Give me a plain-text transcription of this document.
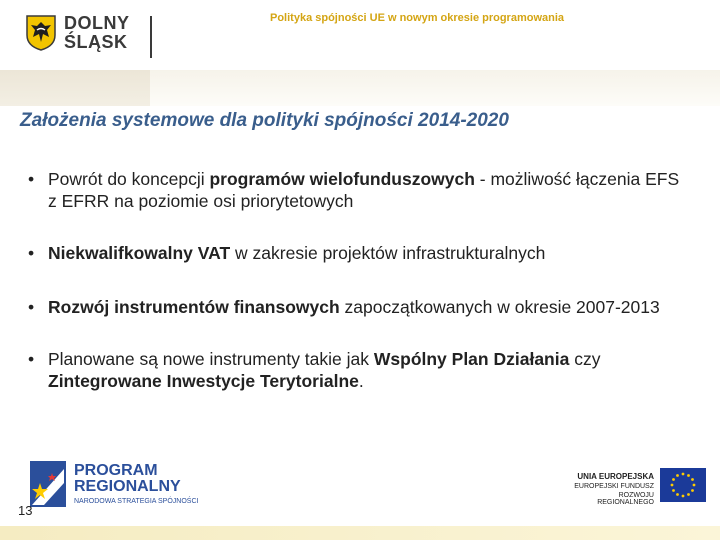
DOLNY
ŚLĄSK
Polityka spójności UE w nowym okresie programowania
Założenia systemowe dla polityki spójności 2014-2020
• Powrót do koncepcji programów wielofunduszowych - możliwość łączenia EFS z EFRR na poziomie osi priorytetowych
• Niekwalifkowalny VAT w zakresie projektów infrastrukturalnych
• Rozwój instrumentów finansowych zapoczątkowanych w okresie 2007-2013
• Planowane są nowe instrumenty takie jak Wspólny Plan Działania czy Zintegrowane Inwestycje Terytorialne.
PROGRAM
REGIONALNY
NARODOWA STRATEGIA SPÓJNOŚCI
13
UNIA EUROPEJSKA
EUROPEJSKI FUNDUSZ
ROZWOJU REGIONALNEGO
